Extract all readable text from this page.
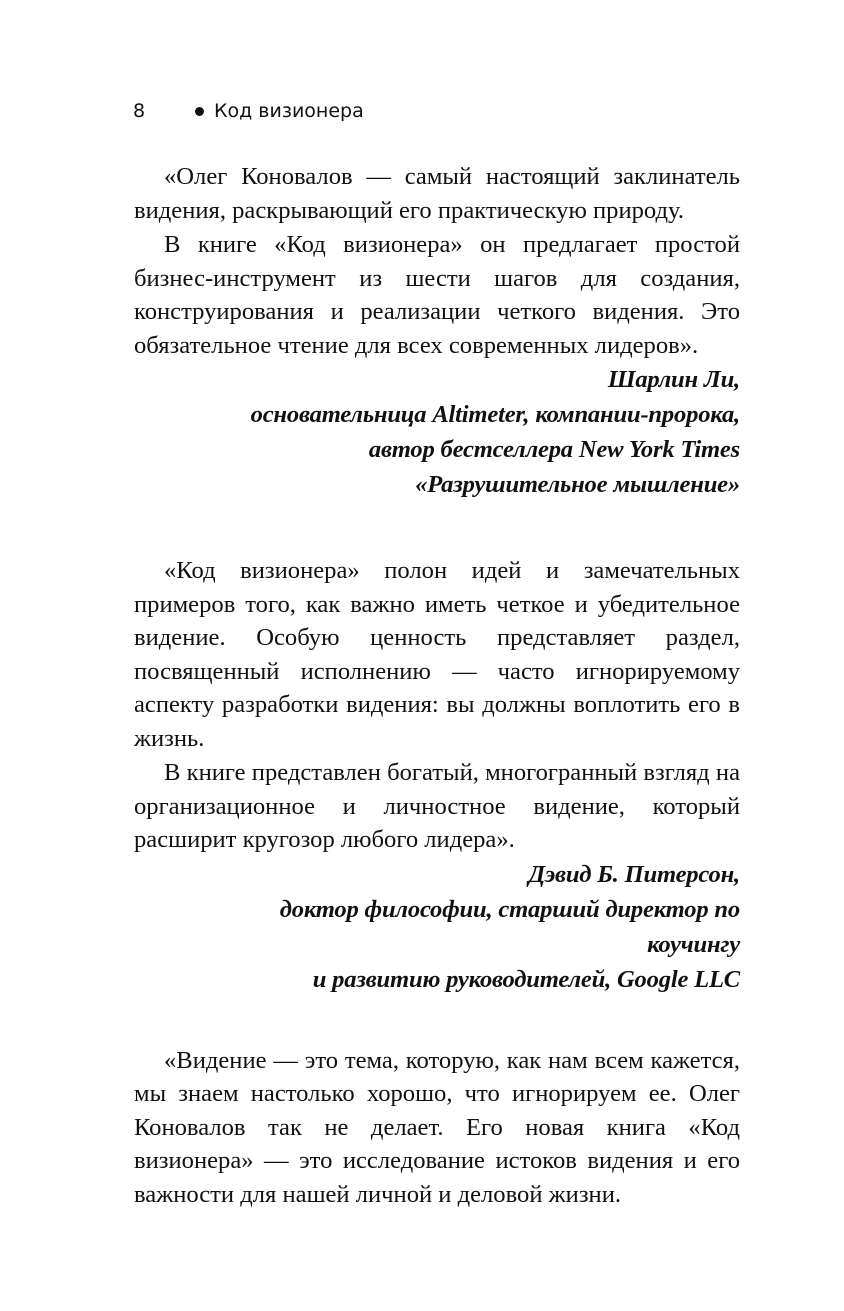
8	Код визионера

«Олег Коновалов — самый настоящий заклинатель видения, раскрывающий его практическую природу.

В книге «Код визионера» он предлагает простой бизнес-инструмент из шести шагов для создания, конструирования и реализации четкого видения. Это обязательное чтение для всех современных лидеров».

Шарлин Ли,
основательница Altimeter, компании-пророка,
автор бестселлера New York Times
«Разрушительное мышление»

«Код визионера» полон идей и замечательных примеров того, как важно иметь четкое и убедительное видение. Особую ценность представляет раздел, посвященный исполнению — часто игнорируемому аспекту разработки видения: вы должны воплотить его в жизнь.

В книге представлен богатый, многогранный взгляд на организационное и личностное видение, который расширит кругозор любого лидера».

Дэвид Б. Питерсон,
доктор философии, старший директор по
коучингу
и развитию руководителей, Google LLC

«Видение — это тема, которую, как нам всем кажется, мы знаем настолько хорошо, что игнорируем ее. Олег Коновалов так не делает. Его новая книга «Код визионера» — это исследование истоков видения и его важности для нашей личной и деловой жизни.
